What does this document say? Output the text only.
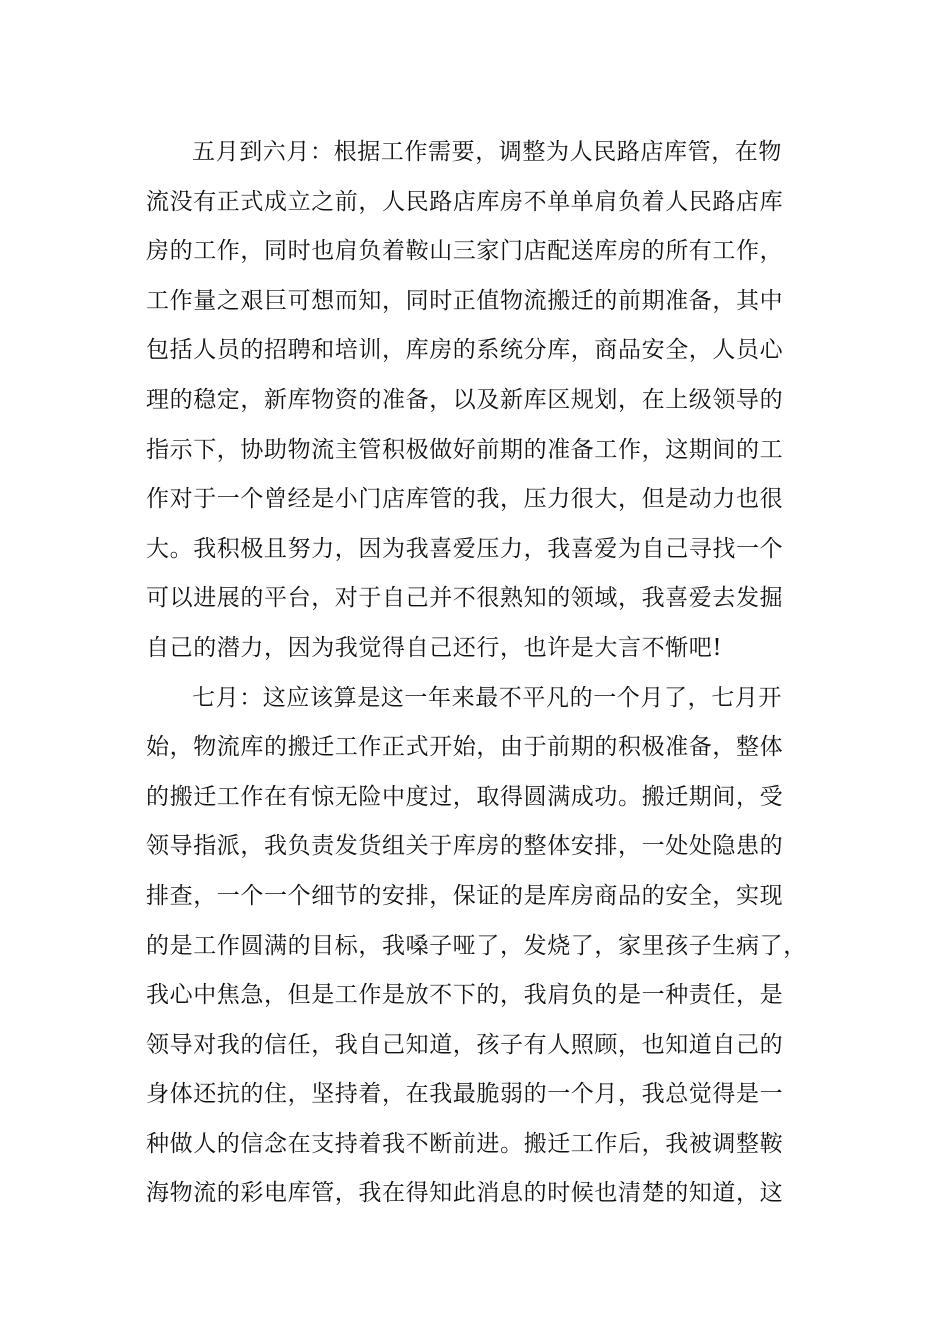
五月到六月：根据工作需要，调整为人民路店库管，在物
流没有正式成立之前，人民路店库房不单单肩负着人民路店库
房的工作，同时也肩负着鞍山三家门店配送库房的所有工作，
工作量之艰巨可想而知，同时正值物流搬迁的前期准备，其中
包括人员的招聘和培训，库房的系统分库，商品安全，人员心
理的稳定，新库物资的准备，以及新库区规划，在上级领导的
指示下，协助物流主管积极做好前期的准备工作，这期间的工
作对于一个曾经是小门店库管的我，压力很大，但是动力也很
大。我积极且努力，因为我喜爱压力，我喜爱为自己寻找一个
可以进展的平台，对于自己并不很熟知的领域，我喜爱去发掘
自己的潜力，因为我觉得自己还行，也许是大言不惭吧!
七月：这应该算是这一年来最不平凡的一个月了，七月开
始，物流库的搬迁工作正式开始，由于前期的积极准备，整体
的搬迁工作在有惊无险中度过，取得圆满成功。搬迁期间，受
领导指派，我负责发货组关于库房的整体安排，一处处隐患的
排查，一个一个细节的安排，保证的是库房商品的安全，实现
的是工作圆满的目标，我嗓子哑了，发烧了，家里孩子生病了，
我心中焦急，但是工作是放不下的，我肩负的是一种责任，是
领导对我的信任，我自己知道，孩子有人照顾，也知道自己的
身体还抗的住，坚持着，在我最脆弱的一个月，我总觉得是一
种做人的信念在支持着我不断前进。搬迁工作后，我被调整鞍
海物流的彩电库管，我在得知此消息的时候也清楚的知道，这
